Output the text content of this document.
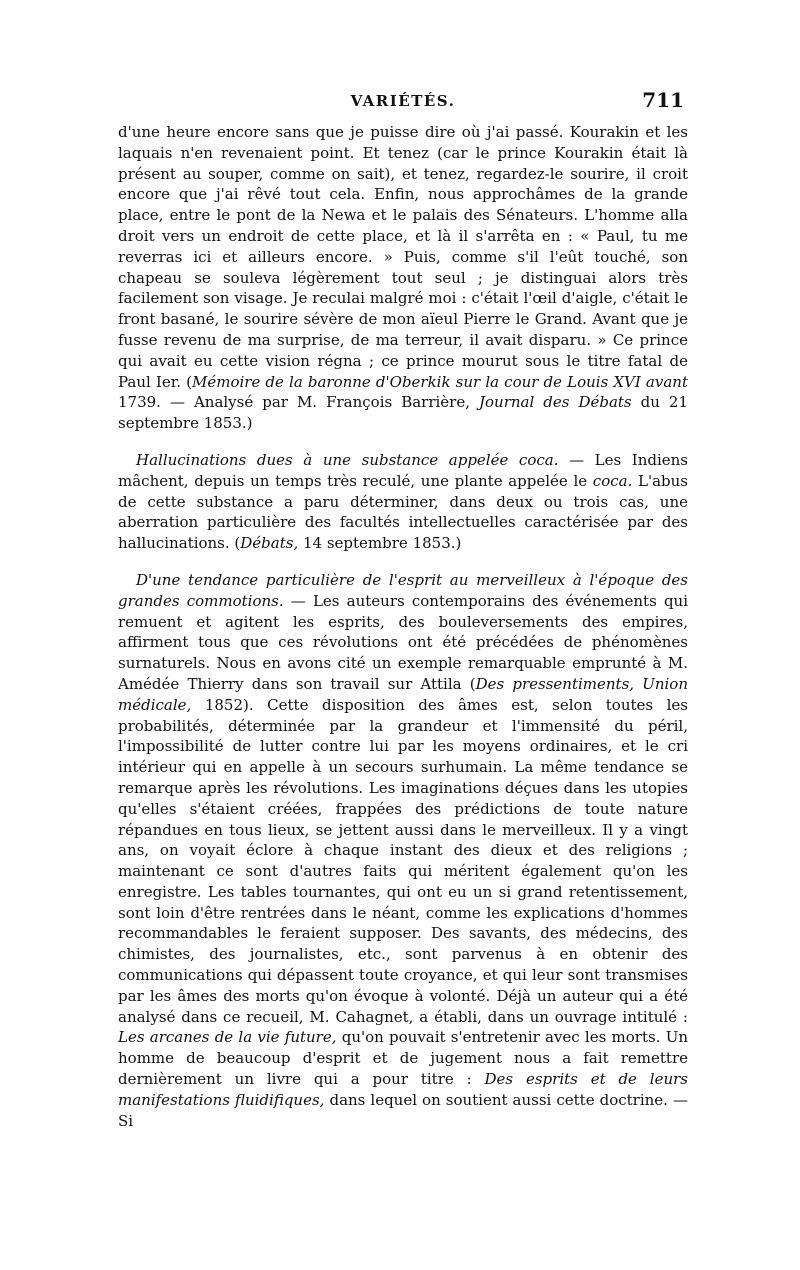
VARIÉTÉS.	711

d'une heure encore sans que je puisse dire où j'ai passé. Kourakin et les laquais n'en revenaient point. Et tenez (car le prince Kourakin était là présent au souper, comme on sait), et tenez, regardez-le sourire, il croit encore que j'ai rêvé tout cela. Enfin, nous approchâmes de la grande place, entre le pont de la Newa et le palais des Sénateurs. L'homme alla droit vers un endroit de cette place, et là il s'arrêta en : « Paul, tu me reverras ici et ailleurs encore. » Puis, comme s'il l'eût touché, son chapeau se souleva légèrement tout seul ; je distinguai alors très facilement son visage. Je reculai malgré moi : c'était l'œil d'aigle, c'était le front basané, le sourire sévère de mon aïeul Pierre le Grand. Avant que je fusse revenu de ma surprise, de ma terreur, il avait disparu. » Ce prince qui avait eu cette vision régna ; ce prince mourut sous le titre fatal de Paul Ier. (Mémoire de la baronne d'Oberkik sur la cour de Louis XVI avant 1739. — Analysé par M. François Barrière, Journal des Débats du 21 septembre 1853.)

Hallucinations dues à une substance appelée coca. — Les Indiens mâchent, depuis un temps très reculé, une plante appelée le coca. L'abus de cette substance a paru déterminer, dans deux ou trois cas, une aberration particulière des facultés intellectuelles caractérisée par des hallucinations. (Débats, 14 septembre 1853.)

D'une tendance particulière de l'esprit au merveilleux à l'époque des grandes commotions. — Les auteurs contemporains des événements qui remuent et agitent les esprits, des bouleversements des empires, affirment tous que ces révolutions ont été précédées de phénomènes surnaturels. Nous en avons cité un exemple remarquable emprunté à M. Amédée Thierry dans son travail sur Attila (Des pressentiments, Union médicale, 1852). Cette disposition des âmes est, selon toutes les probabilités, déterminée par la grandeur et l'immensité du péril, l'impossibilité de lutter contre lui par les moyens ordinaires, et le cri intérieur qui en appelle à un secours surhumain. La même tendance se remarque après les révolutions. Les imaginations déçues dans les utopies qu'elles s'étaient créées, frappées des prédictions de toute nature répandues en tous lieux, se jettent aussi dans le merveilleux. Il y a vingt ans, on voyait éclore à chaque instant des dieux et des religions ; maintenant ce sont d'autres faits qui méritent également qu'on les enregistre. Les tables tournantes, qui ont eu un si grand retentissement, sont loin d'être rentrées dans le néant, comme les explications d'hommes recommandables le feraient supposer. Des savants, des médecins, des chimistes, des journalistes, etc., sont parvenus à en obtenir des communications qui dépassent toute croyance, et qui leur sont transmises par les âmes des morts qu'on évoque à volonté. Déjà un auteur qui a été analysé dans ce recueil, M. Cahagnet, a établi, dans un ouvrage intitulé : Les arcanes de la vie future, qu'on pouvait s'entretenir avec les morts. Un homme de beaucoup d'esprit et de jugement nous a fait remettre dernièrement un livre qui a pour titre : Des esprits et de leurs manifestations fluidifiques, dans lequel on soutient aussi cette doctrine. — Si
